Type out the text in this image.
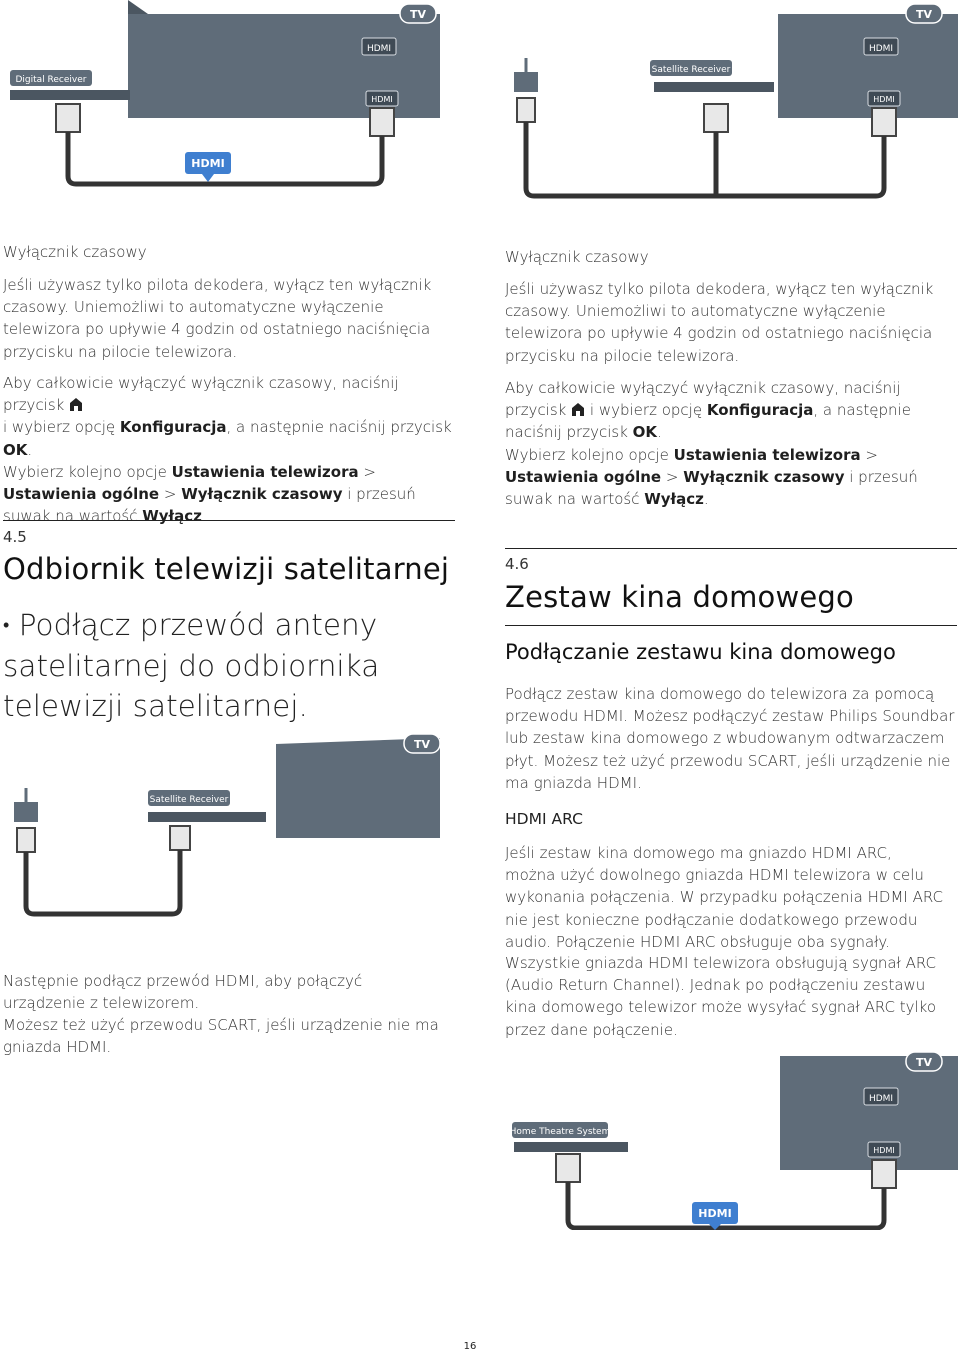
TV
HDMI
HDMI
Digital Receiver
HDMI
TV
HDMI
HDMI
Satellite Receiver
Wyłącznik czasowy

Jeśli używasz tylko pilota dekodera, wyłącz ten wyłącznik czasowy. Uniemożliwi to automatyczne wyłączenie telewizora po upływie 4 godzin od ostatniego naciśnięcia przycisku na pilocie telewizora.

Aby całkowicie wyłączyć wyłącznik czasowy, naciśnij przycisk
i wybierz opcję Konfiguracja, a następnie naciśnij przycisk OK.
Wybierz kolejno opcje Ustawienia telewizora > Ustawienia ogólne > Wyłącznik czasowy i przesuń suwak na wartość Wyłącz.

4.5
Odbiornik telewizji satelitarnej
• Podłącz przewód anteny satelitarnej do odbiornika telewizji satelitarnej.
TV
Satellite Receiver

Następnie podłącz przewód HDMI, aby połączyć urządzenie z telewizorem.

Możesz też użyć przewodu SCART, jeśli urządzenie nie ma gniazda HDMI.

Wyłącznik czasowy

Jeśli używasz tylko pilota dekodera, wyłącz ten wyłącznik czasowy. Uniemożliwi to automatyczne wyłączenie telewizora po upływie 4 godzin od ostatniego naciśnięcia przycisku na pilocie telewizora.

Aby całkowicie wyłączyć wyłącznik czasowy, naciśnij przycisk  i wybierz opcję Konfiguracja, a następnie naciśnij przycisk OK.
Wybierz kolejno opcje Ustawienia telewizora > Ustawienia ogólne > Wyłącznik czasowy i przesuń suwak na wartość Wyłącz.

4.6
Zestaw kina domowego
Podłączanie zestawu kina domowego

Podłącz zestaw kina domowego do telewizora za pomocą przewodu HDMI. Możesz podłączyć zestaw Philips Soundbar lub zestaw kina domowego z wbudowanym odtwarzaczem płyt. Możesz też użyć przewodu SCART, jeśli urządzenie nie ma gniazda HDMI.

HDMI ARC

Jeśli zestaw kina domowego ma gniazdo HDMI ARC, można użyć dowolnego gniazda HDMI telewizora w celu wykonania połączenia. W przypadku połączenia HDMI ARC nie jest konieczne podłączanie dodatkowego przewodu audio. Połączenie HDMI ARC obsługuje oba sygnały.

Wszystkie gniazda HDMI telewizora obsługują sygnał ARC (Audio Return Channel). Jednak po podłączeniu zestawu kina domowego telewizor może wysyłać sygnał ARC tylko przez dane połączenie.

TV
HDMI
HDMI
Home Theatre System
HDMI
16
